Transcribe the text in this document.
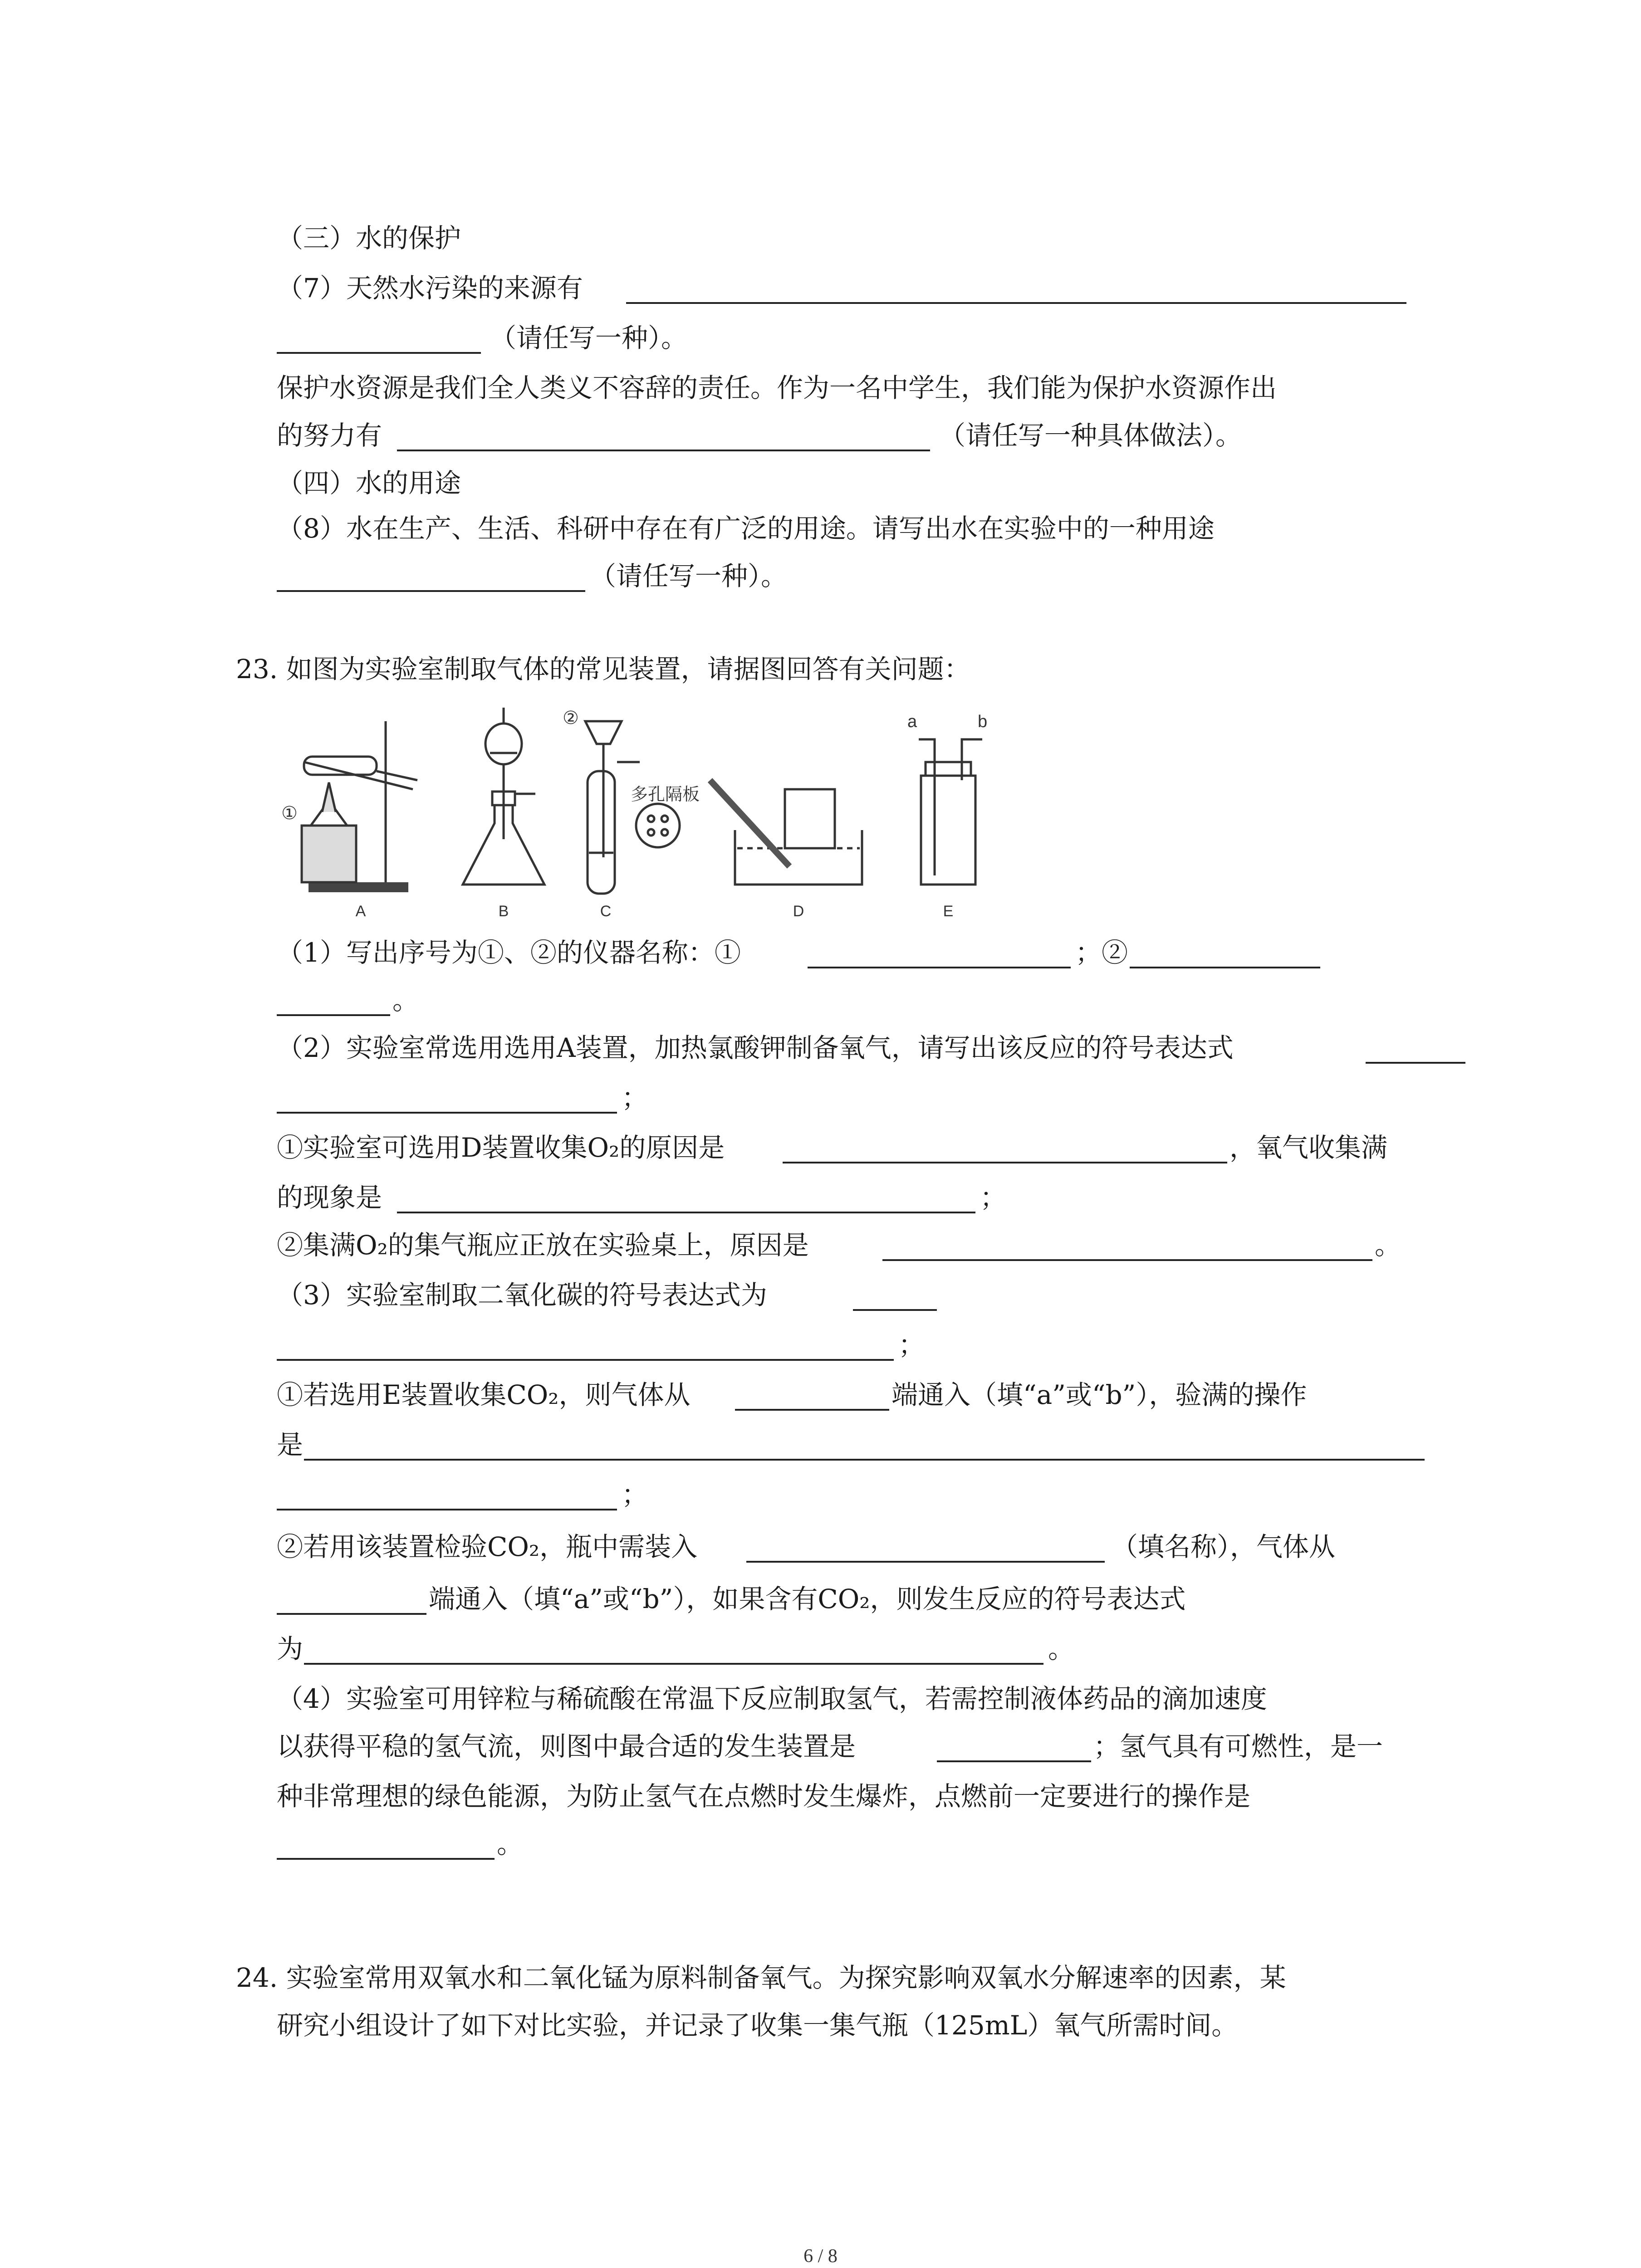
（三）水的保护
（7）天然水污染的来源有
（请任写一种）。
保护水资源是我们全人类义不容辞的责任。作为一名中学生，我们能为保护水资源作出
的努力有	（请任写一种具体做法）。
（四）水的用途
（8）水在生产、生活、科研中存在有广泛的用途。请写出水在实验中的一种用途
（请任写一种）。
23. 如图为实验室制取气体的常见装置，请据图回答有关问题：
A	B	C	D	E
①
②
多孔隔板
a	b
（1）写出序号为①、②的仪器名称：①	；②
。
（2）实验室常选用选用A装置，加热氯酸钾制备氧气，请写出该反应的符号表达式
；
①实验室可选用D装置收集O₂的原因是	，氧气收集满
的现象是	；
②集满O₂的集气瓶应正放在实验桌上，原因是	。
（3）实验室制取二氧化碳的符号表达式为
；
①若选用E装置收集CO₂，则气体从	端通入（填“a”或“b”），验满的操作
是
；
②若用该装置检验CO₂，瓶中需装入	（填名称），气体从
端通入（填“a”或“b”），如果含有CO₂，则发生反应的符号表达式
为	。
（4）实验室可用锌粒与稀硫酸在常温下反应制取氢气，若需控制液体药品的滴加速度
以获得平稳的氢气流，则图中最合适的发生装置是	；氢气具有可燃性，是一
种非常理想的绿色能源，为防止氢气在点燃时发生爆炸，点燃前一定要进行的操作是
。
24. 实验室常用双氧水和二氧化锰为原料制备氧气。为探究影响双氧水分解速率的因素，某
研究小组设计了如下对比实验，并记录了收集一集气瓶（125mL）氧气所需时间。
6 / 8
